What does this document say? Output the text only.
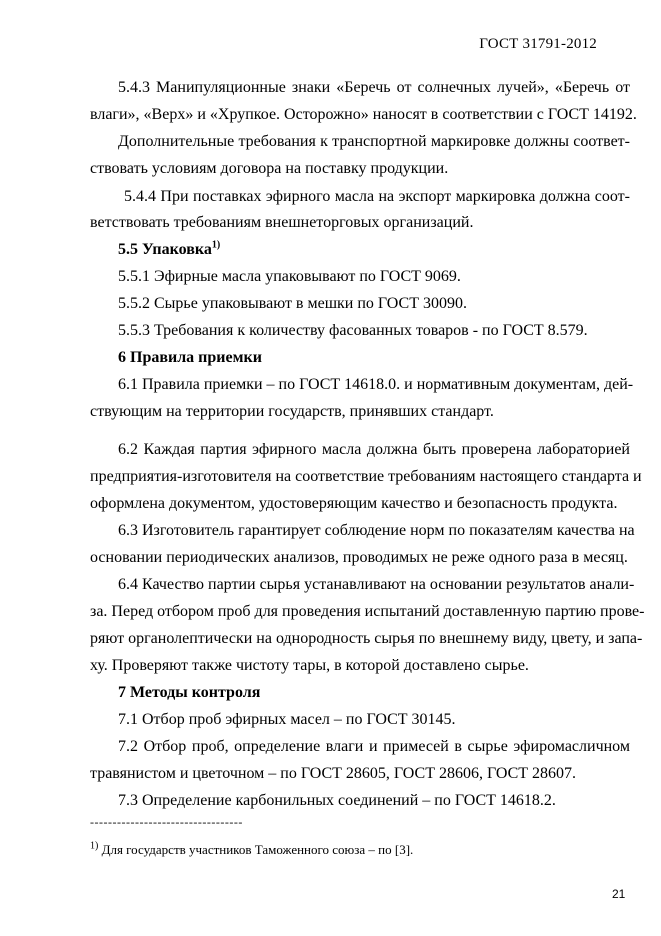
ГОСТ 31791-2012
5.4.3 Манипуляционные знаки «Беречь от солнечных лучей», «Беречь от
влаги», «Верх» и «Хрупкое. Осторожно» наносят в соответствии с ГОСТ 14192.
Дополнительные требования к транспортной маркировке должны соответ-
ствовать условиям договора на поставку продукции.
5.4.4 При поставках эфирного масла на экспорт маркировка должна соот-
ветствовать требованиям внешнеторговых организаций.
5.5 Упаковка$^{1)}$
5.5.1 Эфирные масла упаковывают по ГОСТ 9069.
5.5.2 Сырье упаковывают в мешки по ГОСТ 30090.
5.5.3 Требования к количеству фасованных товаров - по ГОСТ 8.579.
6 Правила приемки
6.1 Правила приемки – по ГОСТ 14618.0. и нормативным документам, дей-
ствующим на территории государств, принявших стандарт.
6.2 Каждая партия эфирного масла должна быть проверена лабораторией
предприятия-изготовителя на соответствие требованиям настоящего стандарта и
оформлена документом, удостоверяющим качество и безопасность продукта.
6.3 Изготовитель гарантирует соблюдение норм по показателям качества на
основании периодических анализов, проводимых не реже одного раза в месяц.
6.4 Качество партии сырья устанавливают на основании результатов анали-
за. Перед отбором проб для проведения испытаний доставленную партию прове-
ряют органолептически на однородность сырья по внешнему виду, цвету, и запа-
ху. Проверяют также чистоту тары, в которой доставлено сырье.
7 Методы контроля
7.1 Отбор проб эфирных масел – по ГОСТ 30145.
7.2 Отбор проб, определение влаги и примесей в сырье эфиромасличном
травянистом и цветочном – по ГОСТ 28605, ГОСТ 28606, ГОСТ 28607.
7.3 Определение карбонильных соединений – по ГОСТ 14618.2.
----------------------------------
$^{1)}$ Для государств участников Таможенного союза – по [3].
21
